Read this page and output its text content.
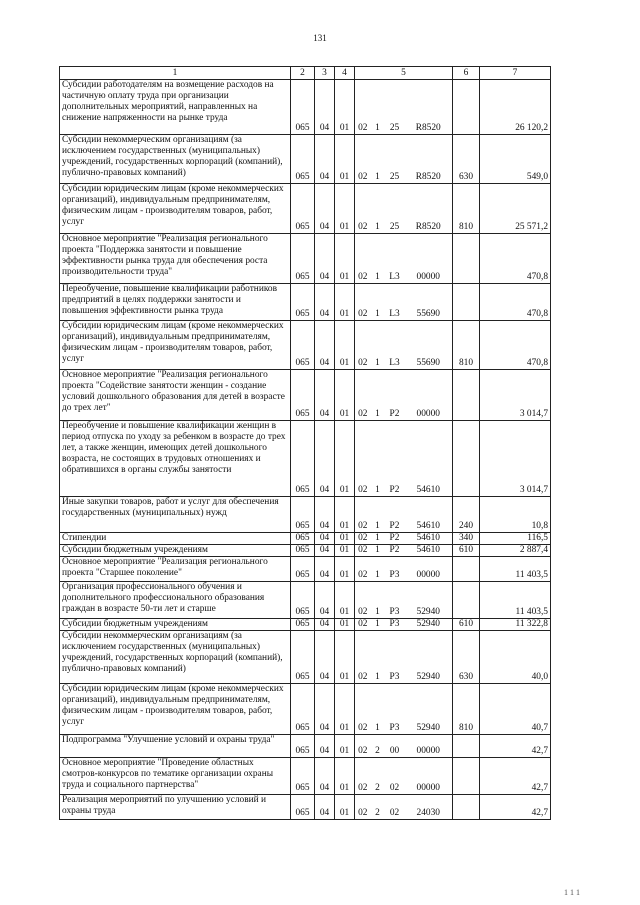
131
1	2	3	4	5				6	7
Субсидии работодателям на возмещение расходов на частичную оплату труда при организации дополнительных мероприятий, направленных на снижение напряженности на рынке труда	065	04	01	02	1	25	R8520		26 120,2
Субсидии некоммерческим организациям (за исключением государственных (муниципальных) учреждений, государственных корпораций (компаний), публично-правовых компаний)	065	04	01	02	1	25	R8520	630	549,0
Субсидии юридическим лицам (кроме некоммерческих организаций), индивидуальным предпринимателям, физическим лицам - производителям товаров, работ, услуг	065	04	01	02	1	25	R8520	810	25 571,2
Основное мероприятие "Реализация регионального проекта "Поддержка занятости и повышение эффективности рынка труда для обеспечения роста производительности труда"	065	04	01	02	1	L3	00000		470,8
Переобучение, повышение квалификации работников предприятий в целях поддержки занятости и повышения эффективности рынка труда	065	04	01	02	1	L3	55690		470,8
Субсидии юридическим лицам (кроме некоммерческих организаций), индивидуальным предпринимателям, физическим лицам - производителям товаров, работ, услуг	065	04	01	02	1	L3	55690	810	470,8
Основное мероприятие "Реализация регионального проекта "Содействие занятости женщин - создание условий дошкольного образования для детей в возрасте до трех лет"	065	04	01	02	1	P2	00000		3 014,7
Переобучение и повышение квалификации женщин в период отпуска по уходу за ребенком в возрасте до трех лет, а также женщин, имеющих детей дошкольного возраста, не состоящих в трудовых отношениях и обратившихся в органы службы занятости	065	04	01	02	1	P2	54610		3 014,7
Иные закупки товаров, работ и услуг для обеспечения государственных (муниципальных) нужд	065	04	01	02	1	P2	54610	240	10,8
Стипендии	065	04	01	02	1	P2	54610	340	116,5
Субсидии бюджетным учреждениям	065	04	01	02	1	P2	54610	610	2 887,4
Основное мероприятие "Реализация регионального проекта "Старшее поколение"	065	04	01	02	1	P3	00000		11 403,5
Организация профессионального обучения и дополнительного профессионального образования граждан в возрасте 50-ти лет и старше	065	04	01	02	1	P3	52940		11 403,5
Субсидии бюджетным учреждениям	065	04	01	02	1	P3	52940	610	11 322,8
Субсидии некоммерческим организациям (за исключением государственных (муниципальных) учреждений, государственных корпораций (компаний), публично-правовых компаний)	065	04	01	02	1	P3	52940	630	40,0
Субсидии юридическим лицам (кроме некоммерческих организаций), индивидуальным предпринимателям, физическим лицам - производителям товаров, работ, услуг	065	04	01	02	1	P3	52940	810	40,7
Подпрограмма "Улучшение условий и охраны труда"	065	04	01	02	2	00	00000		42,7
Основное мероприятие "Проведение областных смотров-конкурсов по тематике организации охраны труда и социального партнерства"	065	04	01	02	2	02	00000		42,7
Реализация мероприятий по улучшению условий и охраны труда	065	04	01	02	2	02	24030		42,7
1 1 1
